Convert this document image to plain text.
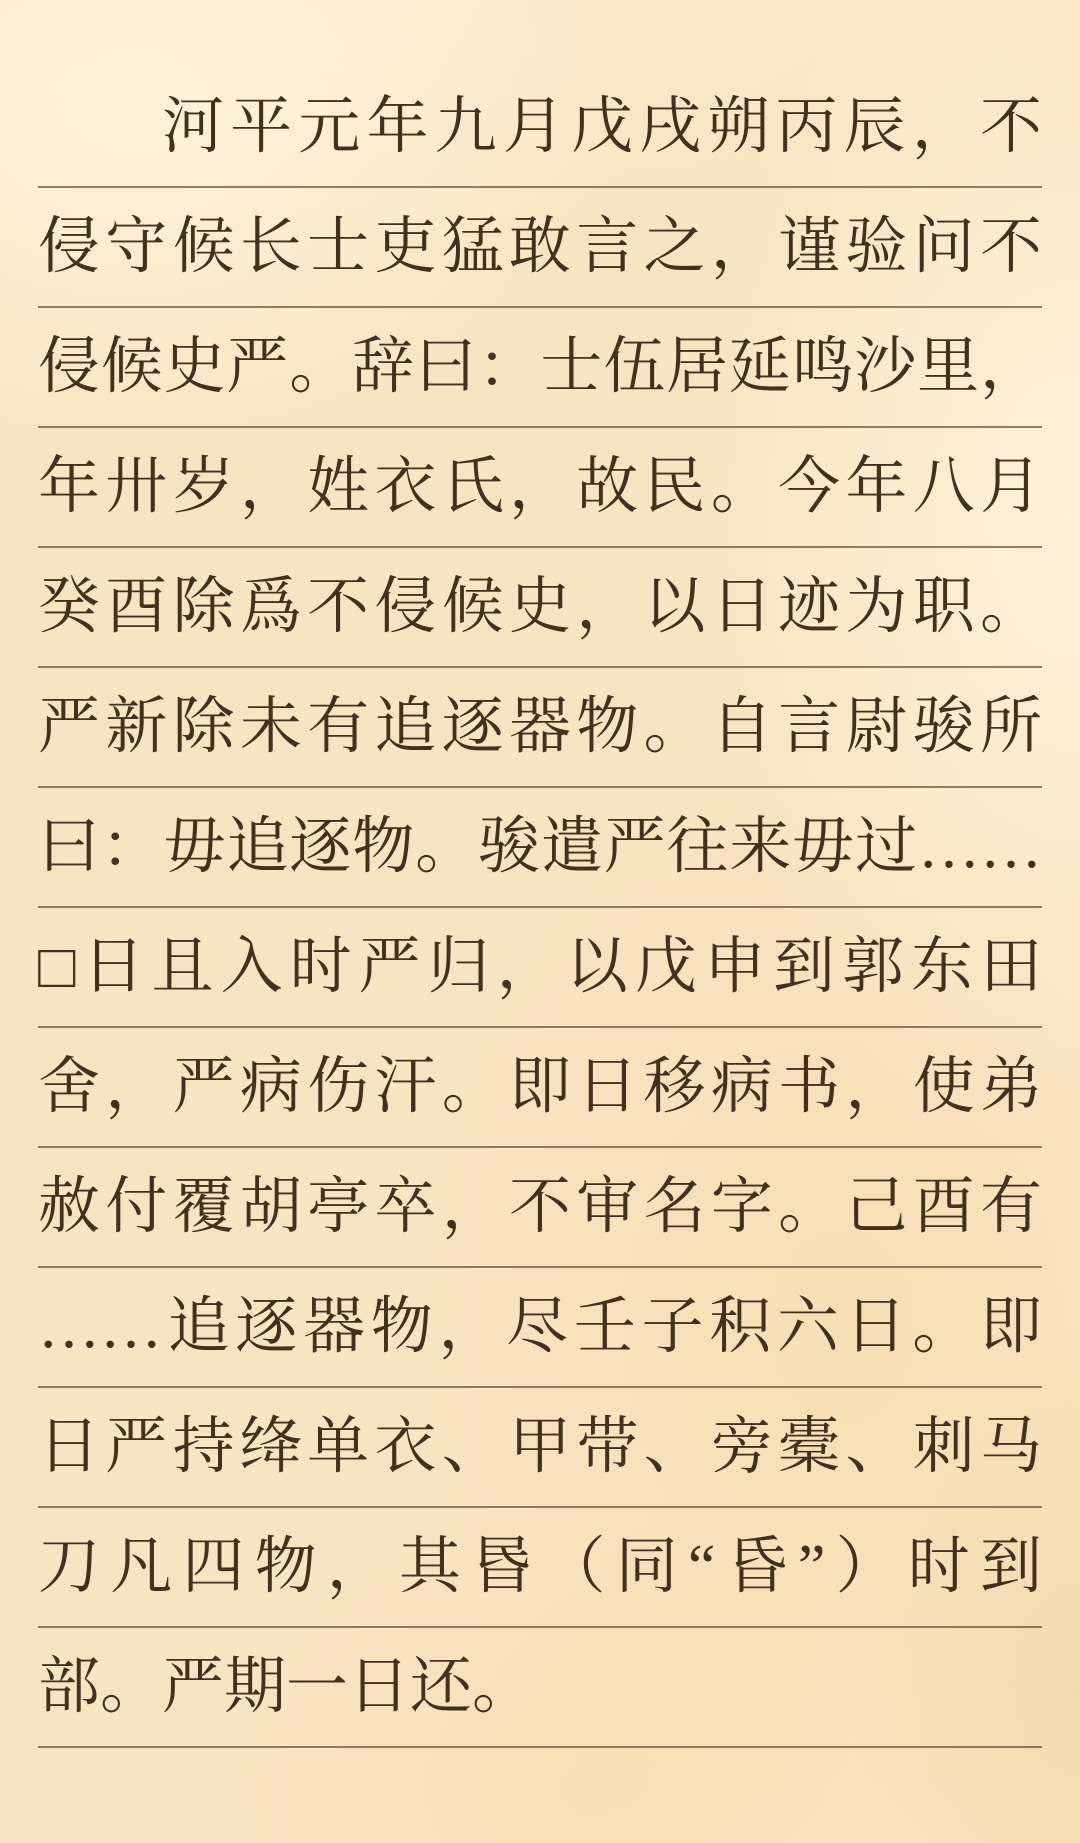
河平元年九月戊戌朔丙辰，不
侵守候长士吏猛敢言之，谨验问不
侵候史严。辞曰：士伍居延鸣沙里，
年卅岁，姓衣氏，故民。今年八月
癸酉除爲不侵候史，以日迹为职。
严新除未有追逐器物。自言尉骏所
曰：毋追逐物。骏遣严往来毋过……
□日且入时严归，以戊申到郭东田
舍，严病伤汗。即日移病书，使弟
赦付覆胡亭卒，不审名字。己酉有
……追逐器物，尽壬子积六日。即
日严持绛单衣、甲带、旁橐、刺马
刀凡四物，其昬（同“昏”）时到
部。严期一日还。
